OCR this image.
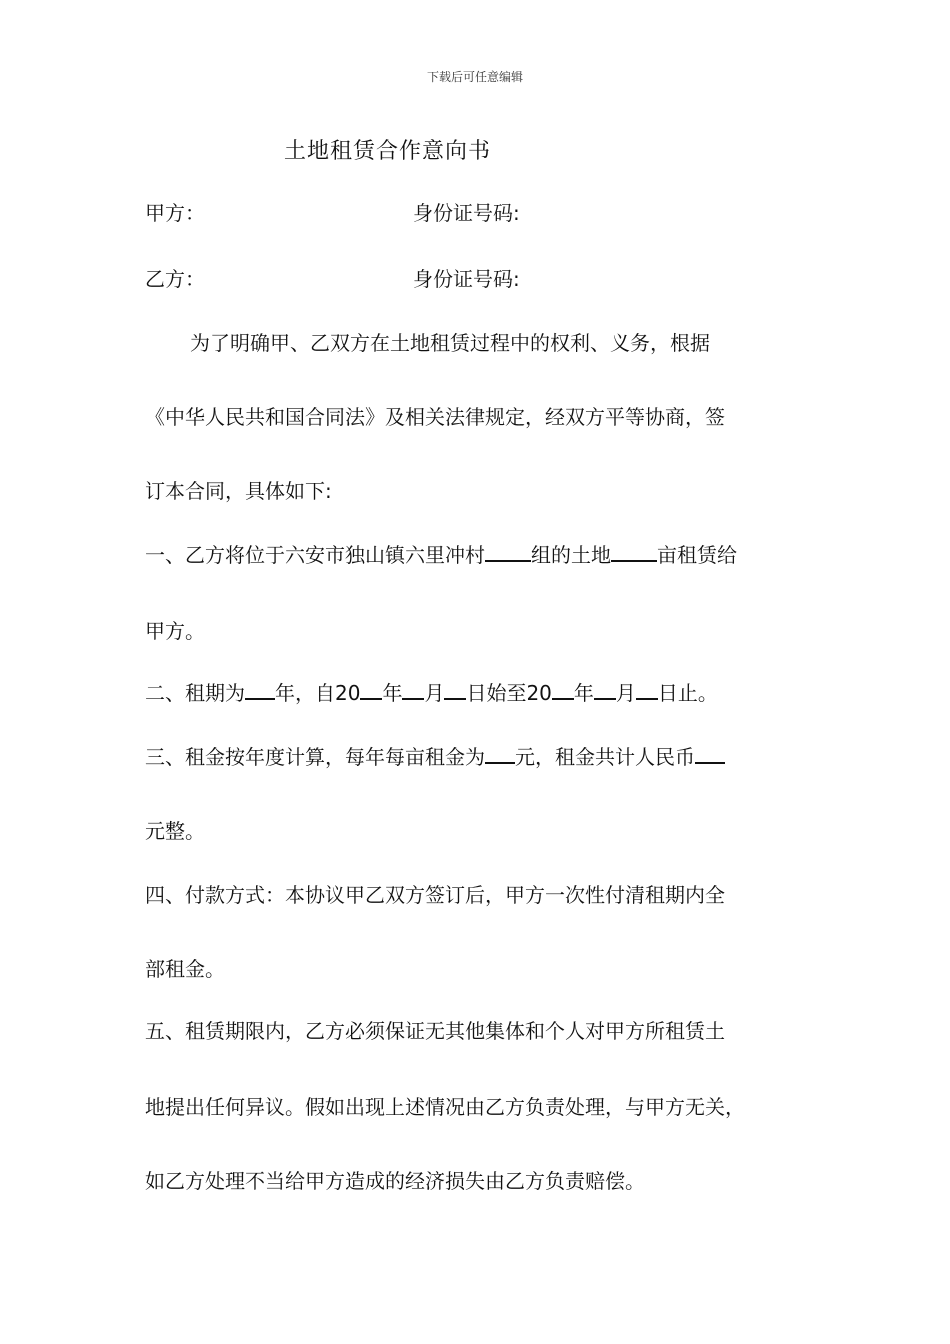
下载后可任意编辑
土地租赁合作意向书
甲方：	身份证号码:
乙方：	身份证号码:
为了明确甲、乙双方在土地租赁过程中的权利、义务，根据
《中华人民共和国合同法》及相关法律规定，经双方平等协商，签
订本合同，具体如下:
一、乙方将位于六安市独山镇六里冲村 组的土地 亩租赁给
甲方。
二、租期为 年，自20 年 月 日始至20 年 月 日止。
三、租金按年度计算，每年每亩租金为 元，租金共计人民币
元整。
四、付款方式：本协议甲乙双方签订后，甲方一次性付清租期内全
部租金。
五、租赁期限内，乙方必须保证无其他集体和个人对甲方所租赁土
地提出任何异议。假如出现上述情况由乙方负责处理，与甲方无关，
如乙方处理不当给甲方造成的经济损失由乙方负责赔偿。
